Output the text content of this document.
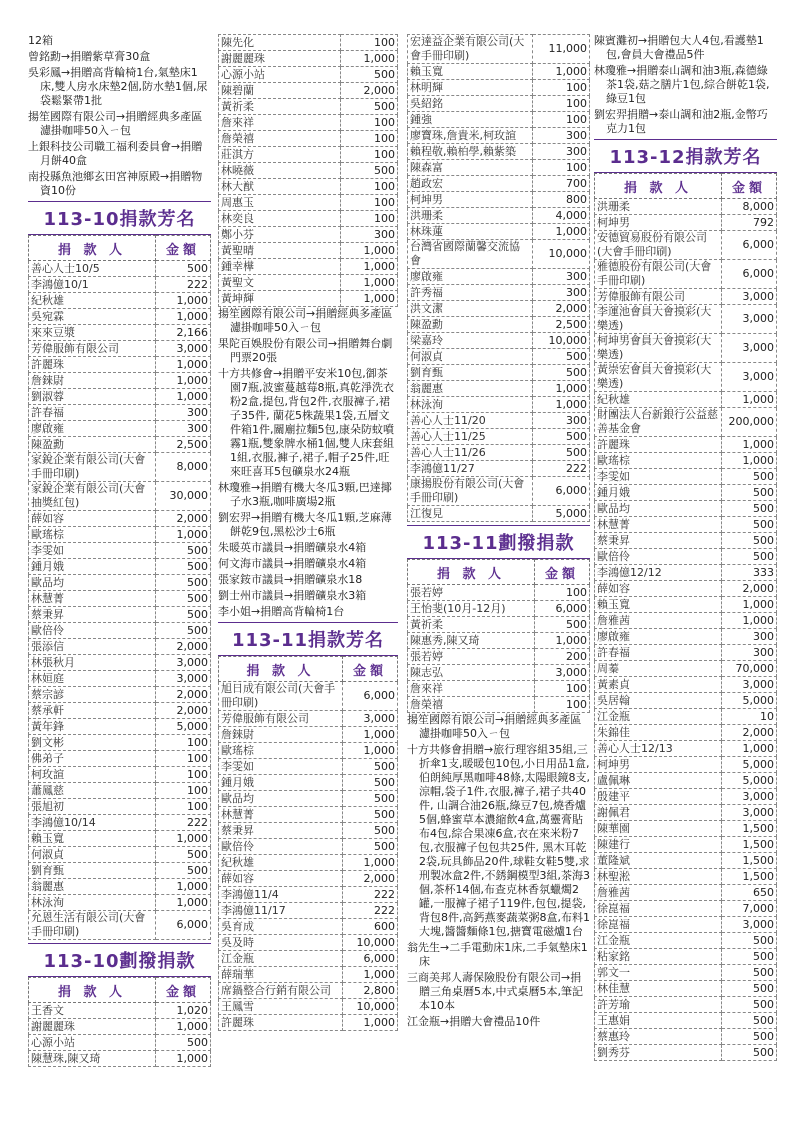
12箱
曾銘勳→捐贈紫草膏30盒
吳彩鳳→捐贈高背輪椅1台,氣墊床1床,雙人房水床墊2個,防水墊1個,尿袋鬆緊帶1批
揚笙國際有限公司→捐贈經典多產區濾掛咖啡50入ㄧ包
上銀科技公司職工福利委員會→捐贈月餅40盒
南投縣魚池鄉玄田宮神原殿→捐贈物資10份
113-10捐款芳名
捐 款 人	金額
善心人士10/5	500
李鴻億10/1	222
紀秋雄	1,000
吳宛霖	1,000
來來豆漿	2,166
芳偉服飾有限公司	3,000
許麗珠	1,000
詹錸尉	1,000
劉淑蓉	1,000
許春福	300
廖啟雍	300
陳盈勳	2,500
家銳企業有限公司(大會手冊印刷)	8,000
家銳企業有限公司(大會抽獎紅包)	30,000
薛如容	2,000
歐瑤棕	1,000
李雯如	500
鍾月娥	500
歐品均	500
林慧菁	500
蔡秉昇	500
歐倍伶	500
張添信	2,000
林張秋月	3,000
林姮庭	3,000
蔡宗諺	2,000
蔡承軒	2,000
黃年鋒	5,000
劉文彬	100
佛弟子	100
柯玫諠	100
蕭鳳慈	100
張旭初	100
李鴻億10/14	222
賴玉寬	1,000
何淑貞	500
劉育甄	500
翁麗惠	1,000
林泳洵	1,000
允恩生活有限公司(大會手冊印刷)	6,000
113-10劃撥捐款
捐 款 人	金額
王香文	1,020
謝麗麗珠	1,000
心源小站	500
陳慧珠,陳又琦	1,000
陳先化	100
謝麗麗珠	1,000
心源小站	500
陳碧蘭	2,000
黃祈柔	500
詹來祥	100
詹榮禧	100
莊淇方	100
林曉薇	500
林大猷	100
周惠玉	100
林奕良	100
鄭小芬	300
黃聖晴	1,000
鍾幸樺	1,000
黃聖文	1,000
黃坤輝	1,000
揚笙國際有限公司→捐贈經典多產區濾掛咖啡50入ㄧ包
果陀百娛股份有限公司→捐贈舞台劇門票20張
十方共修會→捐贈平安米10包,御茶園7瓶,波蜜蔓越莓8瓶,真乾淨洗衣粉2盒,提包,背包2件,衣服褲子,裙子35件, 蘭花5株蔬果1袋,五層文件箱1件,關廟拉麵5包,康朵防蚊噴霧1瓶,雙象牌水桶1個,雙人床套組1組,衣服,褲子,裙子,帽子25件,旺來旺喜耳5包礦泉水24瓶
林瓊雅→捐贈有機大冬瓜3顆,巴達揶子水3瓶,咖啡廣場2瓶
劉宏羿→捐贈有機大冬瓜1顆,芝麻薄餅乾9包,黑松沙士6瓶
朱暖英市議員→捐贈礦泉水4箱
何文海市議員→捐贈礦泉水4箱
張家銨市議員→捐贈礦泉水18
劉士州市議員→捐贈礦泉水3箱
李小姐→捐贈高背輪椅1台
113-11捐款芳名
捐 款 人	金額
旭日成有限公司(大會手冊印刷)	6,000
芳偉服飾有限公司	3,000
詹錸尉	1,000
歐瑤棕	1,000
李雯如	500
鍾月娥	500
歐品均	500
林慧菁	500
蔡秉昇	500
歐倍伶	500
紀秋雄	1,000
薛如容	2,000
李鴻億11/4	222
李鴻億11/17	222
吳育成	600
吳及時	10,000
江金瓶	6,000
薛瑞華	1,000
席鍋整合行銷有限公司	2,800
王鳳雪	10,000
許麗珠	1,000
宏達益企業有限公司(大會手冊印刷)	11,000
賴玉寬	1,000
林明輝	100
吳紹銘	100
鍾強	100
廖寶珠,詹貴米,柯玫諠	300
賴程敬,賴柏學,賴紫築	300
陳森富	100
趙政宏	700
柯坤男	800
洪珊柔	4,000
林珠蓮	1,000
台灣省國際蘭馨交流協會	10,000
廖啟雍	300
許秀福	300
洪文潔	2,000
陳盈勳	2,500
梁嘉玲	10,000
何淑貞	500
劉育甄	500
翁麗惠	1,000
林泳洵	1,000
善心人士11/20	300
善心人士11/25	500
善心人士11/26	500
李鴻億11/27	222
康揚股份有限公司(大會手冊印刷)	6,000
江復見	5,000
113-11劃撥捐款
捐 款 人	金額
張若婷	100
王怡斐(10月-12月)	6,000
黃祈柔	500
陳惠秀,陳又琦	1,000
張若婷	200
陳志弘	3,000
詹來祥	100
詹榮禧	100
揚笙國際有限公司→捐贈經典多產區濾掛咖啡50入ㄧ包
十方共修會捐贈→旅行理容組35組,三折傘1支,暖暖包10包,小日用品1盒,伯朗純厚黑咖啡48條,太陽眼鏡8支,涼帽,袋子1件,衣服,褲子,裙子共40件, 山調合油26瓶,綠豆7包,燒香爐5個,蜂蜜草本濃縮飲4盒,萬靈膏貼布4包,綜合果凍6盒,衣在來米粉7包,衣服褲子包包共25件, 黑木耳乾2袋,玩具飾品20件,球鞋女鞋5雙,求刑製冰盒2件,不銹鋼模型3組,茶海3個,茶杯14個,布查克林香氛蠟燭2罐,一服褲子裙子119件,包包,提袋,背包8件,高鈣燕麥蔬菜粥8盒,布料1大塊,醬醬麵條1包,搪寶電磁爐1台
翁先生→二手電動床1床,二手氣墊床1床
三商美邦人壽保險股份有限公司→捐贈三角桌曆5本,中式桌曆5本,筆記本10本
江金瓶→捐贈大會禮品10件
陳賓灘初→捐贈包大人4包,看護墊1包,會員大會禮品5件
林瓊雅→捐贈泰山調和油3瓶,森德綠茶1袋,菇之膳片1包,綜合餅乾1袋,綠豆1包
劉宏羿捐贈→泰山調和油2瓶,金幣巧克力1包
113-12捐款芳名
捐 款 人	金額
洪珊柔	8,000
柯坤男	792
安德貿易股份有限公司(大會手冊印刷)	6,000
雅德股份有限公司(大會手冊印刷)	6,000
芳偉服飾有限公司	3,000
李運池會員大會摸彩(大樂透)	3,000
柯坤男會員大會摸彩(大樂透)	3,000
黃崇宏會員大會摸彩(大樂透)	3,000
紀秋雄	1,000
財團法人台新銀行公益慈善基金會	200,000
許麗珠	1,000
歐瑤棕	1,000
李雯如	500
鍾月娥	500
歐品均	500
林慧菁	500
蔡秉昇	500
歐倍伶	500
李鴻億12/12	333
薛如容	2,000
賴玉寬	1,000
詹雅茜	1,000
廖啟雍	300
許春福	300
周蓁	70,000
黃素貞	3,000
吳居翰	5,000
江金瓶	10
朱錦佳	2,000
善心人士12/13	1,000
柯坤男	5,000
盧佩琳	5,000
殷建平	3,000
謝佩君	3,000
陳華園	1,500
陳建行	1,500
董隆斌	1,500
林聖淞	1,500
詹雅茜	650
徐崑福	7,000
徐崑福	3,000
江金瓶	500
粘家銘	500
郭文一	500
林佳慧	500
許芳瑜	500
王惠娟	500
蔡惠玲	500
劉秀芬	500
